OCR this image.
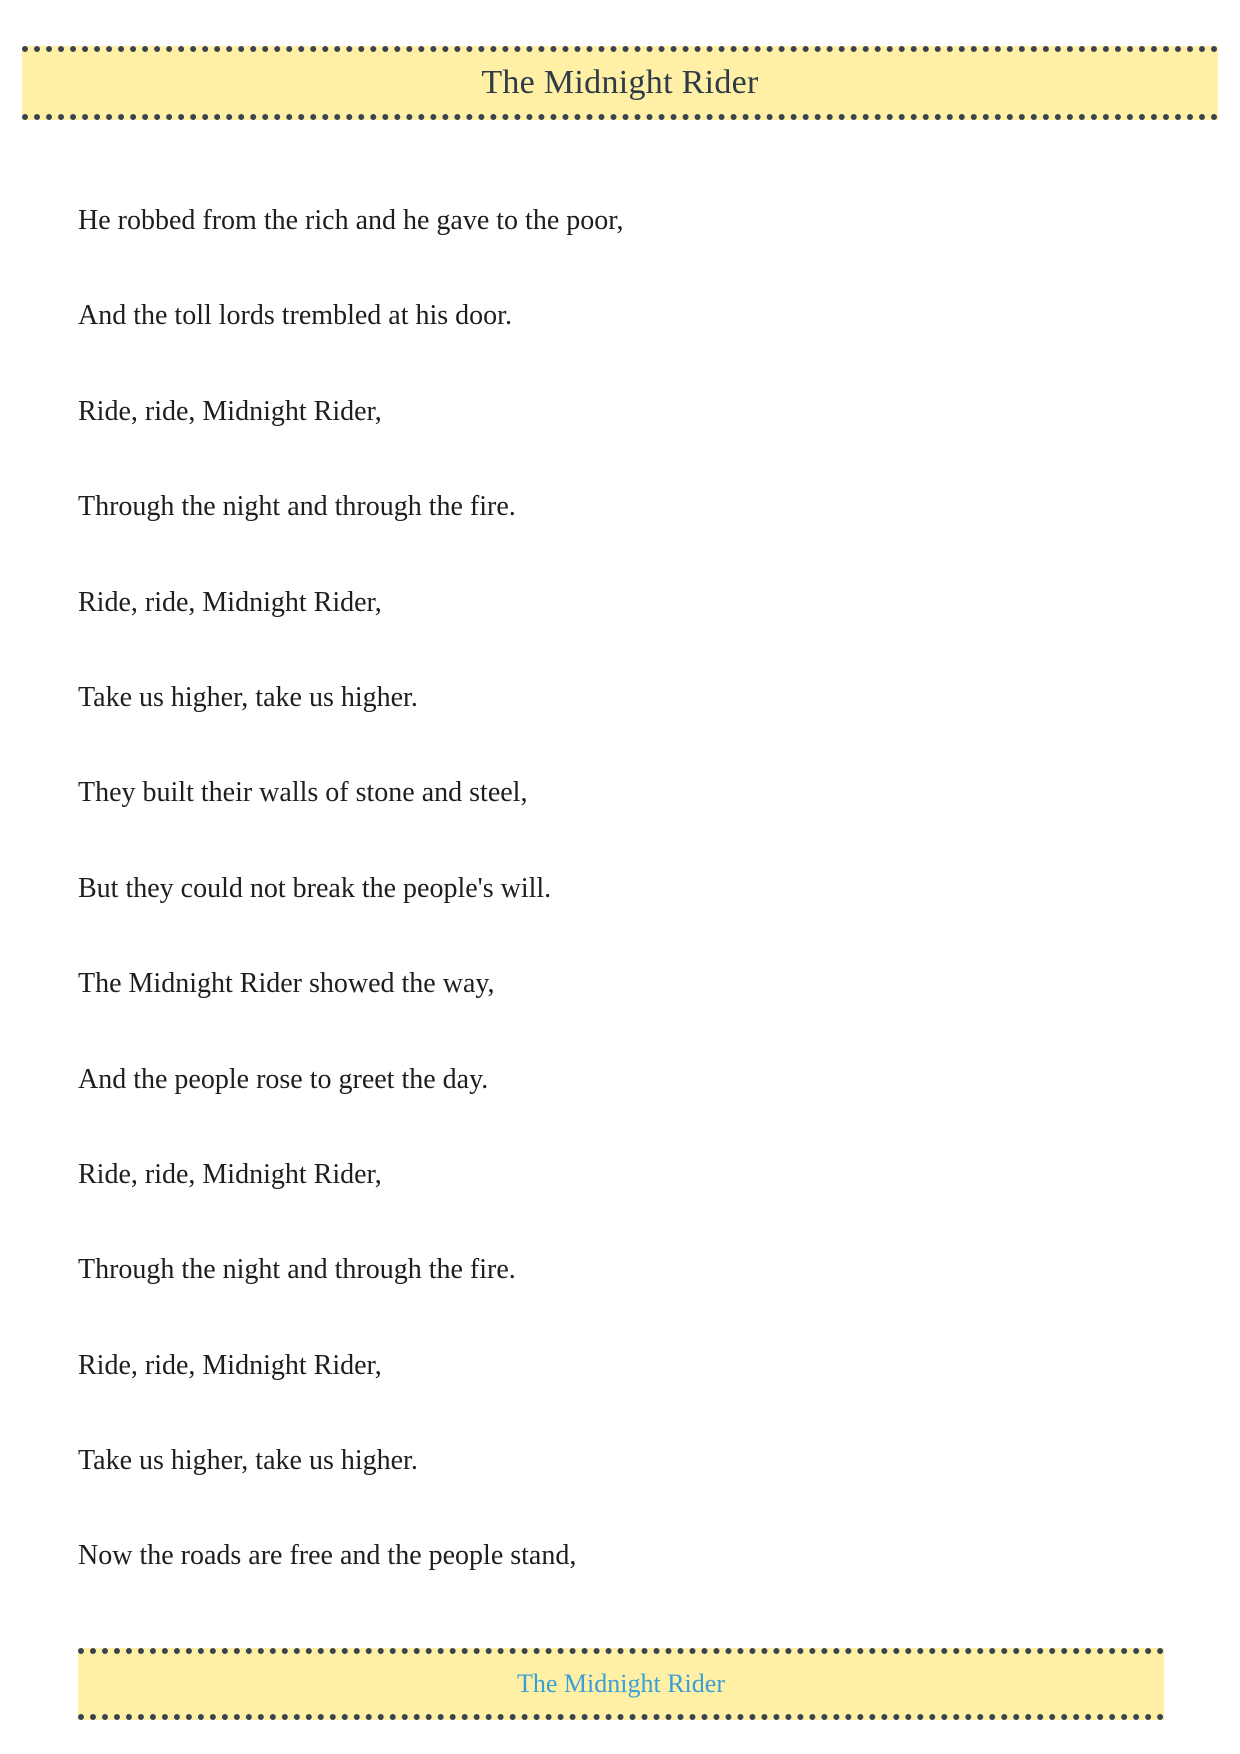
The Midnight Rider
He robbed from the rich and he gave to the poor,
And the toll lords trembled at his door.
Ride, ride, Midnight Rider,
Through the night and through the fire.
Ride, ride, Midnight Rider,
Take us higher, take us higher.
They built their walls of stone and steel,
But they could not break the people's will.
The Midnight Rider showed the way,
And the people rose to greet the day.
Ride, ride, Midnight Rider,
Through the night and through the fire.
Ride, ride, Midnight Rider,
Take us higher, take us higher.
Now the roads are free and the people stand,
The Midnight Rider
